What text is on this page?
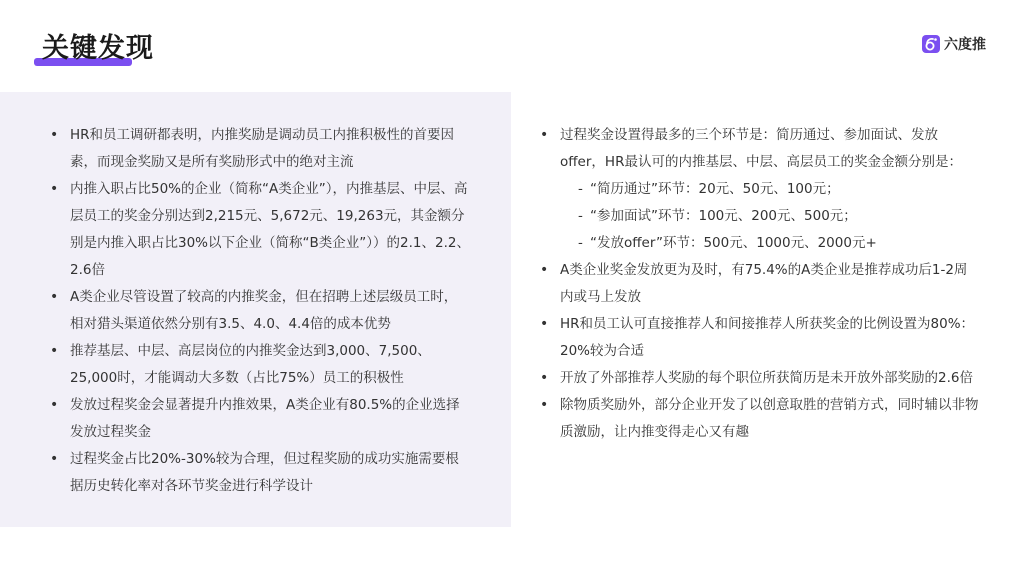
关键发现	六度推
• HR和员工调研都表明，内推奖励是调动员工内推积极性的首要因素，而现金奖励又是所有奖励形式中的绝对主流
• 内推入职占比50%的企业（简称“A类企业”），内推基层、中层、高层员工的奖金分别达到2,215元、5,672元、19,263元，其金额分别是内推入职占比30%以下企业（简称“B类企业”））的2.1、2.2、2.6倍
• A类企业尽管设置了较高的内推奖金，但在招聘上述层级员工时，相对猎头渠道依然分别有3.5、4.0、4.4倍的成本优势
• 推荐基层、中层、高层岗位的内推奖金达到3,000、7,500、25,000时，才能调动大多数（占比75%）员工的积极性
• 发放过程奖金会显著提升内推效果，A类企业有80.5%的企业选择发放过程奖金
• 过程奖金占比20%-30%较为合理，但过程奖励的成功实施需要根据历史转化率对各环节奖金进行科学设计
• 过程奖金设置得最多的三个环节是：简历通过、参加面试、发放offer，HR最认可的内推基层、中层、高层员工的奖金金额分别是：
- “简历通过”环节：20元、50元、100元；
- “参加面试”环节：100元、200元、500元；
- “发放offer”环节：500元、1000元、2000元+
• A类企业奖金发放更为及时，有75.4%的A类企业是推荐成功后1-2周内或马上发放
• HR和员工认可直接推荐人和间接推荐人所获奖金的比例设置为80%：20%较为合适
• 开放了外部推荐人奖励的每个职位所获简历是未开放外部奖励的2.6倍
• 除物质奖励外，部分企业开发了以创意取胜的营销方式，同时辅以非物质激励，让内推变得走心又有趣
